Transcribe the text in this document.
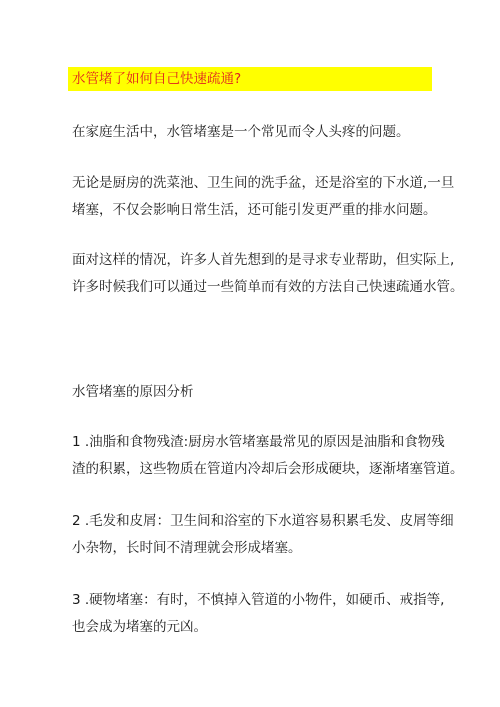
水管堵了如何自己快速疏通?
在家庭生活中，水管堵塞是一个常见而令人头疼的问题。
无论是厨房的洗菜池、卫生间的洗手盆，还是浴室的下水道,一旦
堵塞，不仅会影响日常生活，还可能引发更严重的排水问题。
面对这样的情况，许多人首先想到的是寻求专业帮助，但实际上,
许多时候我们可以通过一些简单而有效的方法自己快速疏通水管。
水管堵塞的原因分析
1 .油脂和食物残渣:厨房水管堵塞最常见的原因是油脂和食物残
渣的积累，这些物质在管道内冷却后会形成硬块，逐渐堵塞管道。
2 .毛发和皮屑：卫生间和浴室的下水道容易积累毛发、皮屑等细
小杂物，长时间不清理就会形成堵塞。
3 .硬物堵塞：有时，不慎掉入管道的小物件，如硬币、戒指等,
也会成为堵塞的元凶。
